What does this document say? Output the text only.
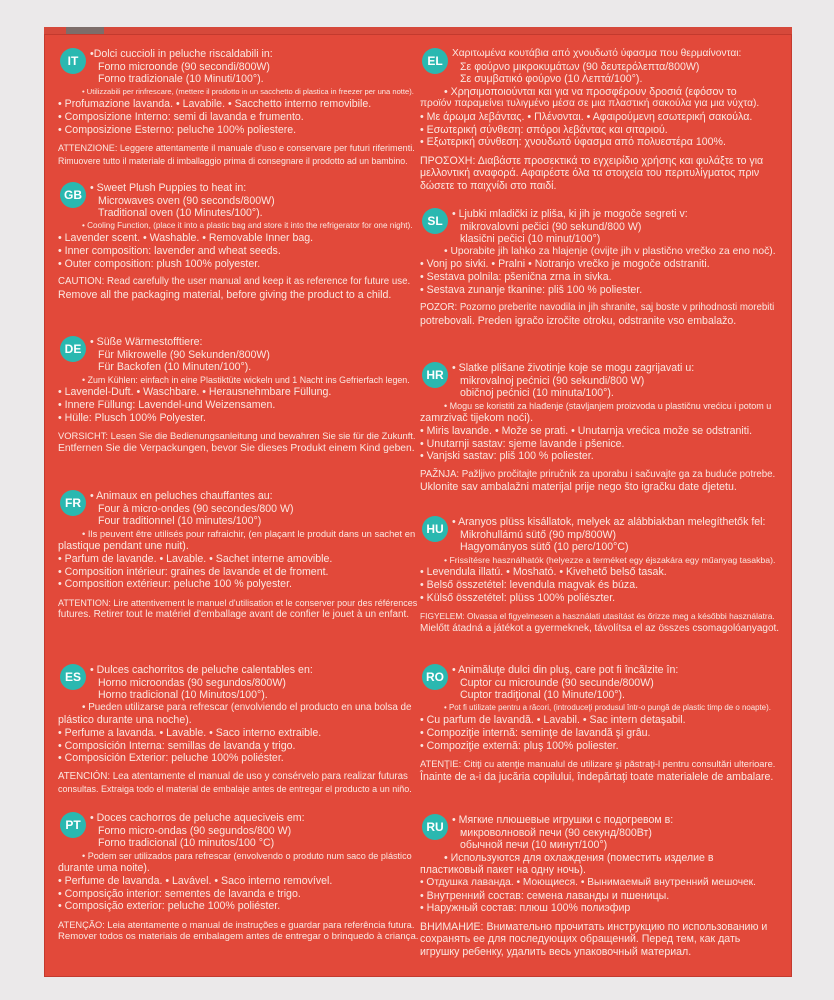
IT	•Dolci cuccioli in peluche riscaldabili in:

Forno microonde (90 secondi/800W)

Forno tradizionale (10 Minuti/100°).

• Utilizzabili per rinfrescare, (mettere il prodotto in un sacchetto di plastica in freezer per una notte).

• Profumazione lavanda. • Lavabile. • Sacchetto interno removibile.

• Composizione Interno: semi di lavanda e frumento.

• Composizione Esterno: peluche 100% poliestere.

ATTENZIONE: Leggere attentamente il manuale d'uso e conservare per futuri riferimenti.

Rimuovere tutto il materiale di imballaggio prima di consegnare il prodotto ad un bambino.

GB • Sweet Plush Puppies to heat in:

Microwaves oven (90 seconds/800W)

Traditional oven (10 Minutes/100°).

• Cooling Function, (place it into a plastic bag and store it into the refrigerator for one night).

• Lavender scent. • Washable. • Removable Inner bag.

• Inner composition: lavender and wheat seeds.

• Outer composition: plush 100% polyester.

CAUTION: Read carefully the user manual and keep it as reference for future use.

Remove all the packaging material, before giving the product to a child.

DE • Süße Wärmestofftiere:

Für Mikrowelle (90 Sekunden/800W)

Für Backofen (10 Minuten/100°).

• Zum Kühlen: einfach in eine Plastiktüte wickeln und 1 Nacht ins Gefrierfach legen.

• Lavendel-Duft. • Waschbare. • Herausnehmbare Füllung.

• Innere Füllung: Lavendel-und Weizensamen.

• Hülle: Plusch 100% Polyester.

VORSICHT: Lesen Sie die Bedienungsanleitung und bewahren Sie sie für die Zukunft.

Entfernen Sie die Verpackungen, bevor Sie dieses Produkt einem Kind geben.

FR • Animaux en peluches chauffantes au:

Four à micro-ondes (90 secondes/800 W)

Four traditionnel (10 minutes/100°)

• Ils peuvent être utilisés pour rafraichir, (en plaçant le produit dans un sachet en

plastique pendant une nuit).

• Parfum de lavande. • Lavable. • Sachet interne amovible.

• Composition intérieur: graines de lavande et de froment.

• Composition extérieur: peluche 100 % polyester.

ATTENTION: Lire attentivement le manuel d'utilisation et le conserver pour des références

futures. Retirer tout le matériel d'emballage avant de confier le jouet à un enfant.

ES • Dulces cachorritos de peluche calentables en:

Horno microondas (90 segundos/800W)

Horno tradicional (10 Minutos/100°).

• Pueden utilizarse para refrescar (envolviendo el producto en una bolsa de

plástico durante una noche).

• Perfume a lavanda. • Lavable. • Saco interno extraible.

• Composición Interna: semillas de lavanda y trigo.

• Composición Exterior: peluche 100% poliéster.

ATENCIÓN: Lea atentamente el manual de uso y consérvelo para realizar futuras

consultas. Extraiga todo el material de embalaje antes de entregar el producto a un niño.

PT • Doces cachorros de peluche aqueciveis em:

Forno micro-ondas (90 segundos/800 W)

Forno tradicional (10 minutos/100 °C)

• Podem ser utilizados para refrescar (envolvendo o produto num saco de plástico

durante uma noite).

• Perfume de lavanda. • Lavável. • Saco interno removível.

• Composição interior: sementes de lavanda e trigo.

• Composição exterior: peluche 100% poliéster.

ATENÇÃO: Leia atentamente o manual de instruções e guardar para referência futura.

Remover todos os materiais de embalagem antes de entregar o brinquedo à criança.

EL

Χαριτωμένα κουτάβια από χνουδωτό ύφασμα που θερμαίνονται:

Σε φούρνο μικροκυμάτων (90 δευτερόλεπτα/800W)

Σε συμβατικό φούρνο (10 Λεπτά/100°).

• Χρησιμοποιούνται και για να προσφέρουν δροσιά (εφόσον το

προϊόν παραμείνει τυλιγμένο μέσα σε μια πλαστική σακούλα για μια νύχτα).

• Με άρωμα λεβάντας. • Πλένονται. • Αφαιρούμενη εσωτερική σακούλα.

• Εσωτερική σύνθεση: σπόροι λεβάντας και σιταριού.

• Εξωτερική σύνθεση: χνουδωτό ύφασμα από πολυεστέρα 100%.

ΠΡΟΣΟΧΗ: Διαβάστε προσεκτικά το εγχειρίδιο χρήσης και φυλάξτε το για

μελλοντική αναφορά. Αφαιρέστε όλα τα στοιχεία του περιτυλίγματος πριν

δώσετε το παιχνίδι στο παιδί.

SL • Ljubki mladički iz pliša, ki jih je mogoče segreti v:

mikrovalovni pečici (90 sekund/800 W)

klasični pečici (10 minut/100°)

• Uporabite jih lahko za hlajenje (ovijte jih v plastično vrečko za eno noč).

• Vonj po sivki. • Pralni • Notranjo vrečko je mogoče odstraniti.

• Sestava polnila: pšenična zrna in sivka.

• Sestava zunanje tkanine: pliš 100 % poliester.

POZOR: Pozorno preberite navodila in jih shranite, saj boste v prihodnosti morebiti

potrebovali. Preden igračo izročite otroku, odstranite vso embalažo.

HR • Slatke plišane životinje koje se mogu zagrijavati u:

mikrovalnoj pećnici (90 sekundi/800 W)

običnoj pećnici (10 minuta/100°).

• Mogu se koristiti za hlađenje (stavljanjem proizvoda u plastičnu vrećicu i potom u

zamrzivač tijekom noći).

• Miris lavande. • Može se prati. • Unutarnja vrećica može se odstraniti.

• Unutarnji sastav: sjeme lavande i pšenice.

• Vanjski sastav: pliš 100 % poliester.

PAŽNJA: Pažljivo pročitajte priručnik za uporabu i sačuvajte ga za buduće potrebe.

Uklonite sav ambalažni materijal prije nego što igračku date djetetu.

HU • Aranyos plüss kisállatok, melyek az alábbiakban melegíthetők fel:

Mikrohullámú sütő (90 mp/800W)

Hagyományos sütő (10 perc/100°C)

• Frissítésre használhatók (helyezze a terméket egy éjszakára egy műanyag tasakba).

• Levendula illatú. • Mosható. • Kivehető belső tasak.

• Belső összetétel: levendula magvak és búza.

• Külső összetétel: plüss 100% poliészter.

FIGYELEM: Olvassa el figyelmesen a használati utasítást és őrizze meg a későbbi használatra.

Mielőtt átadná a játékot a gyermeknek, távolítsa el az összes csomagolóanyagot.

RO • Animăluţe dulci din pluş, care pot fi încălzite în:

Cuptor cu microunde (90 secunde/800W)

Cuptor tradiţional (10 Minute/100°).

• Pot fi utilizate pentru a răcori, (introduceţi produsul într-o pungă de plastic timp de o noapte).

• Cu parfum de lavandă. • Lavabil. • Sac intern detaşabil.

• Compoziţie internă: seminţe de lavandă şi grâu.

• Compoziţie externă: pluş 100% poliester.

ATENŢIE: Citiţi cu atenţie manualul de utilizare şi păstraţi-l pentru consultări ulterioare.

Înainte de a-i da jucăria copilului, îndepărtaţi toate materialele de ambalare.

RU • Мягкие плюшевые игрушки с подогревом в:

микроволновой печи (90 секунд/800Вт)

обычной печи (10 минут/100°)

• Используются для охлаждения (поместить изделие в

пластиковый пакет на одну ночь).

• Отдушка лаванда. • Моющиеся. • Вынимаемый внутренний мешочек.

• Внутренний состав: семена лаванды и пшеницы.

• Наружный состав: плюш 100% полиэфир

ВНИМАНИЕ: Внимательно прочитать инструкцию по использованию и

сохранять ее для последующих обращений. Перед тем, как дать

игрушку ребенку, удалить весь упаковочный материал.
